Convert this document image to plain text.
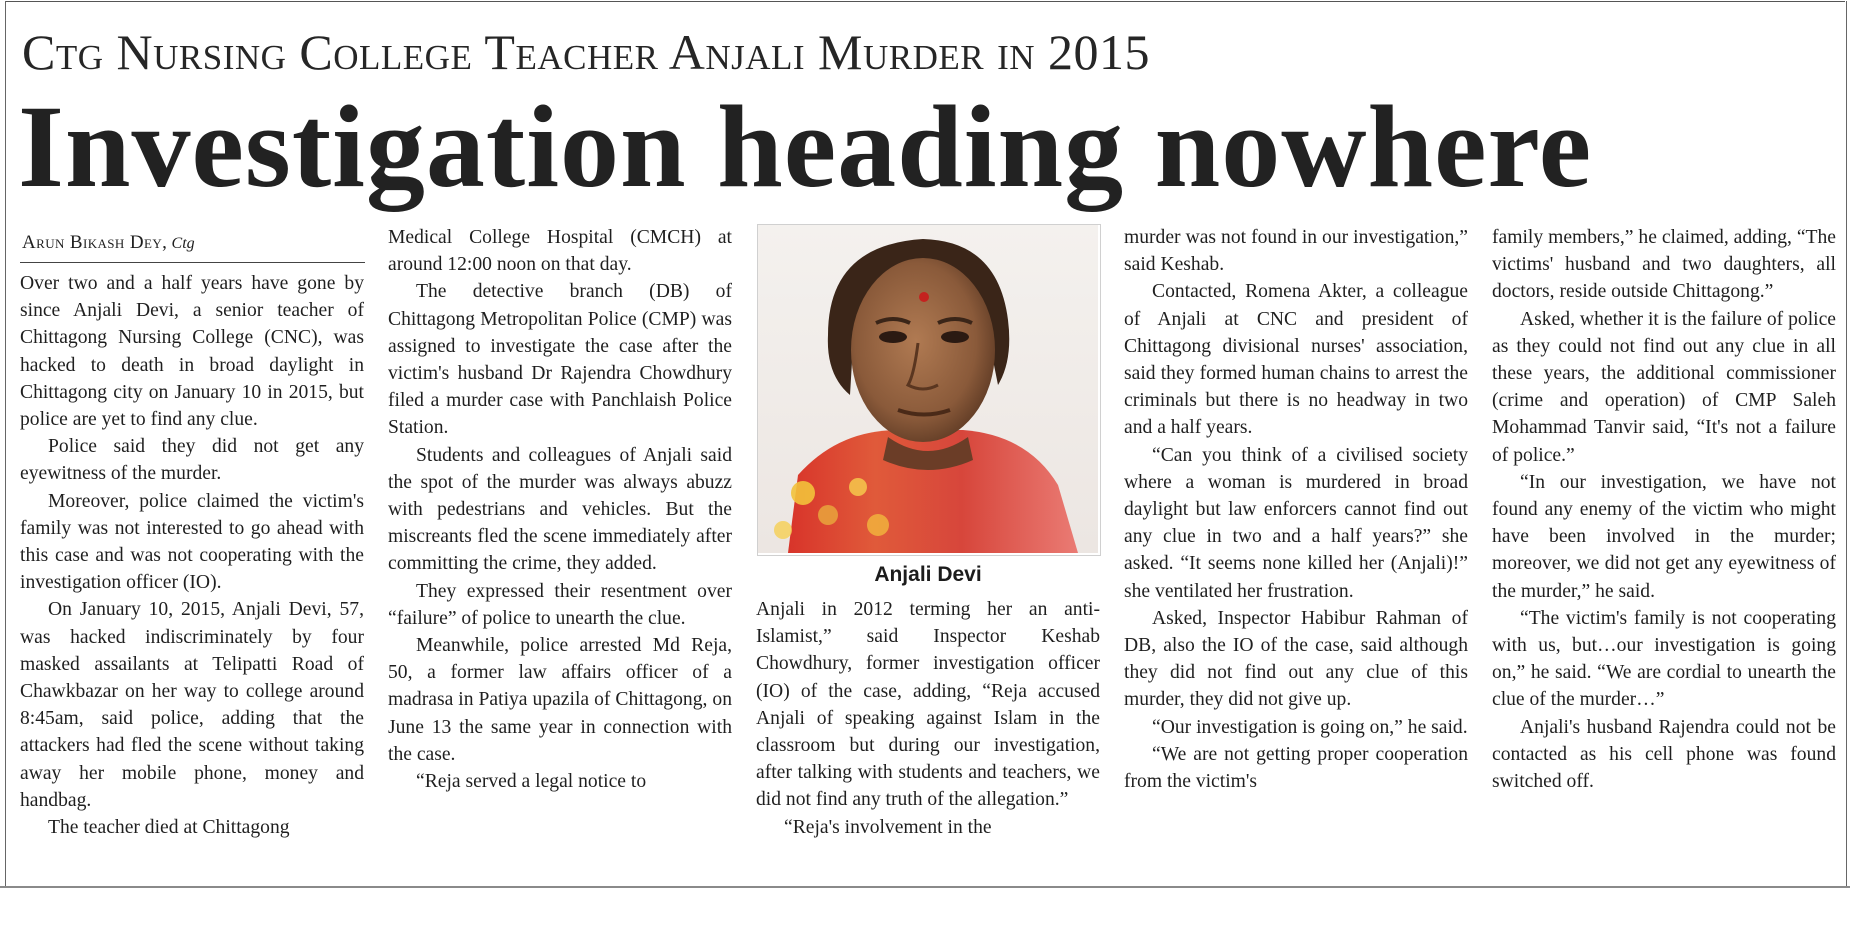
Ctg Nursing College Teacher Anjali Murder in 2015
Investigation heading nowhere
Arun Bikash Dey, Ctg

Over two and a half years have gone by since Anjali Devi, a senior teacher of Chittagong Nursing College (CNC), was hacked to death in broad daylight in Chittagong city on January 10 in 2015, but police are yet to find any clue.

Police said they did not get any eyewitness of the murder.

Moreover, police claimed the victim's family was not interested to go ahead with this case and was not cooperating with the investigation officer (IO).

On January 10, 2015, Anjali Devi, 57, was hacked indiscriminately by four masked assailants at Telipatti Road of Chawkbazar on her way to college around 8:45am, said police, adding that the attackers had fled the scene without taking away her mobile phone, money and handbag.

The teacher died at Chittagong

Medical College Hospital (CMCH) at around 12:00 noon on that day.

The detective branch (DB) of Chittagong Metropolitan Police (CMP) was assigned to investigate the case after the victim's husband Dr Rajendra Chowdhury filed a murder case with Panchlaish Police Station.

Students and colleagues of Anjali said the spot of the murder was always abuzz with pedestrians and vehicles. But the miscreants fled the scene immediately after committing the crime, they added.

They expressed their resentment over “failure” of police to unearth the clue.

Meanwhile, police arrested Md Reja, 50, a former law affairs officer of a madrasa in Patiya upazila of Chittagong, on June 13 the same year in connection with the case.

“Reja served a legal notice to

Anjali Devi

Anjali in 2012 terming her an anti-Islamist,” said Inspector Keshab Chowdhury, former investigation officer (IO) of the case, adding, “Reja accused Anjali of speaking against Islam in the classroom but during our investigation, after talking with students and teachers, we did not find any truth of the allegation.”

“Reja's involvement in the

murder was not found in our investigation,” said Keshab.

Contacted, Romena Akter, a colleague of Anjali at CNC and president of Chittagong divisional nurses' association, said they formed human chains to arrest the criminals but there is no headway in two and a half years.

“Can you think of a civilised society where a woman is murdered in broad daylight but law enforcers cannot find out any clue in two and a half years?” she asked. “It seems none killed her (Anjali)!” she ventilated her frustration.

Asked, Inspector Habibur Rahman of DB, also the IO of the case, said although they did not find out any clue of this murder, they did not give up.

“Our investigation is going on,” he said.

“We are not getting proper cooperation from the victim's

family members,” he claimed, adding, “The victims' husband and two daughters, all doctors, reside outside Chittagong.”

Asked, whether it is the failure of police as they could not find out any clue in all these years, the additional commissioner (crime and operation) of CMP Saleh Mohammad Tanvir said, “It's not a failure of police.”

“In our investigation, we have not found any enemy of the victim who might have been involved in the murder; moreover, we did not get any eyewitness of the murder,” he said.

“The victim's family is not cooperating with us, but…our investigation is going on,” he said. “We are cordial to unearth the clue of the murder…”

Anjali's husband Rajendra could not be contacted as his cell phone was found switched off.
